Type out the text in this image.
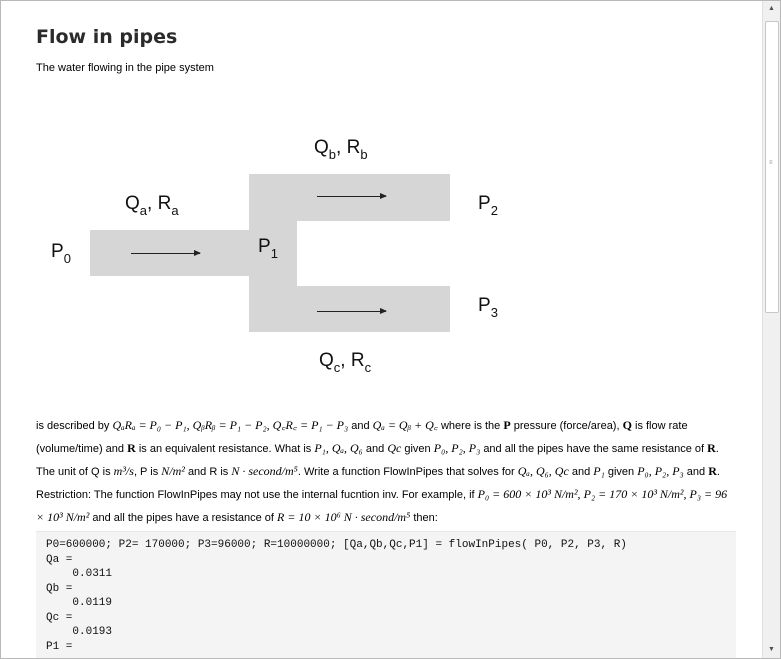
Flow in pipes
The water flowing in the pipe system
$Q_b$, $R_b$
$Q_a$, $R_a$	$P_2$
$P_0$
$P_1$
$P_3$
$Q_c$, $R_c$
is described by QₐRₐ = P₀ − P₁, QᵦRᵦ = P₁ − P₂, Q꜀R꜀ = P₁ − P₃ and Qₐ = Qᵦ + Q꜀ where is the P pressure (force/area), Q is flow rate (volume/time) and R is an equivalent resistance. What is P₁, Qₐ, Q₆ and Qc given P₀, P₂, P₃ and all the pipes have the same resistance of R. The unit of Q is m³/s, P is N/m² and R is N · second/m⁵. Write a function FlowInPipes that solves for Qₐ, Q₆, Qc and P₁ given P₀, P₂, P₃ and R. Restriction: The function FlowInPipes may not use the internal fucntion inv. For example, if P₀ = 600 × 10³ N/m², P₂ = 170 × 10³ N/m², P₃ = 96 × 10³ N/m² and all the pipes have a resistance of R = 10 × 10⁶ N · second/m⁵ then:
P0=600000; P2= 170000; P3=96000; R=10000000; [Qa,Qb,Qc,P1] = flowInPipes( P0, P2, P3, R)
Qa =
0.0311
Qb =
0.0119
Qc =
0.0193
P1 =
▲
≡
▼
